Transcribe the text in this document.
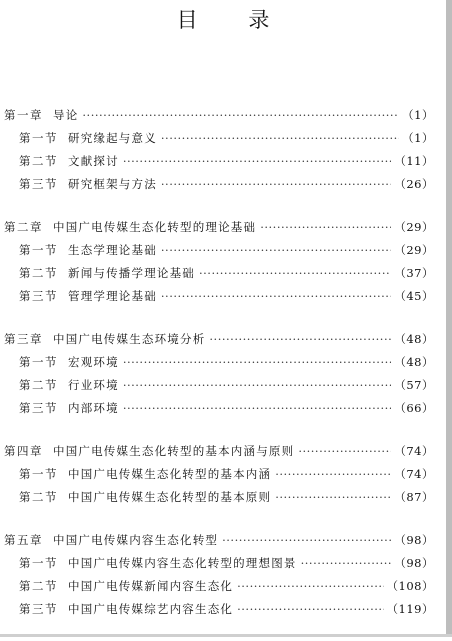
目 录
第一章 导论 ·····	（1）
第一节 研究缘起与意义 ·····	（1）
第二节 文献探讨 ·····	（11）
第三节 研究框架与方法 ·····	（26）
第二章 中国广电传媒生态化转型的理论基础 ·····	（29）
第一节 生态学理论基础 ·····	（29）
第二节 新闻与传播学理论基础 ·····	（37）
第三节 管理学理论基础 ·····	（45）
第三章 中国广电传媒生态环境分析 ·····	（48）
第一节 宏观环境 ·····	（48）
第二节 行业环境 ·····	（57）
第三节 内部环境 ·····	（66）
第四章 中国广电传媒生态化转型的基本内涵与原则 ·····	（74）
第一节 中国广电传媒生态化转型的基本内涵 ·····	（74）
第二节 中国广电传媒生态化转型的基本原则 ·····	（87）
第五章 中国广电传媒内容生态化转型 ·····	（98）
第一节 中国广电传媒内容生态化转型的理想图景 ·····	（98）
第二节 中国广电传媒新闻内容生态化 ·····	（108）
第三节 中国广电传媒综艺内容生态化 ·····	（119）
